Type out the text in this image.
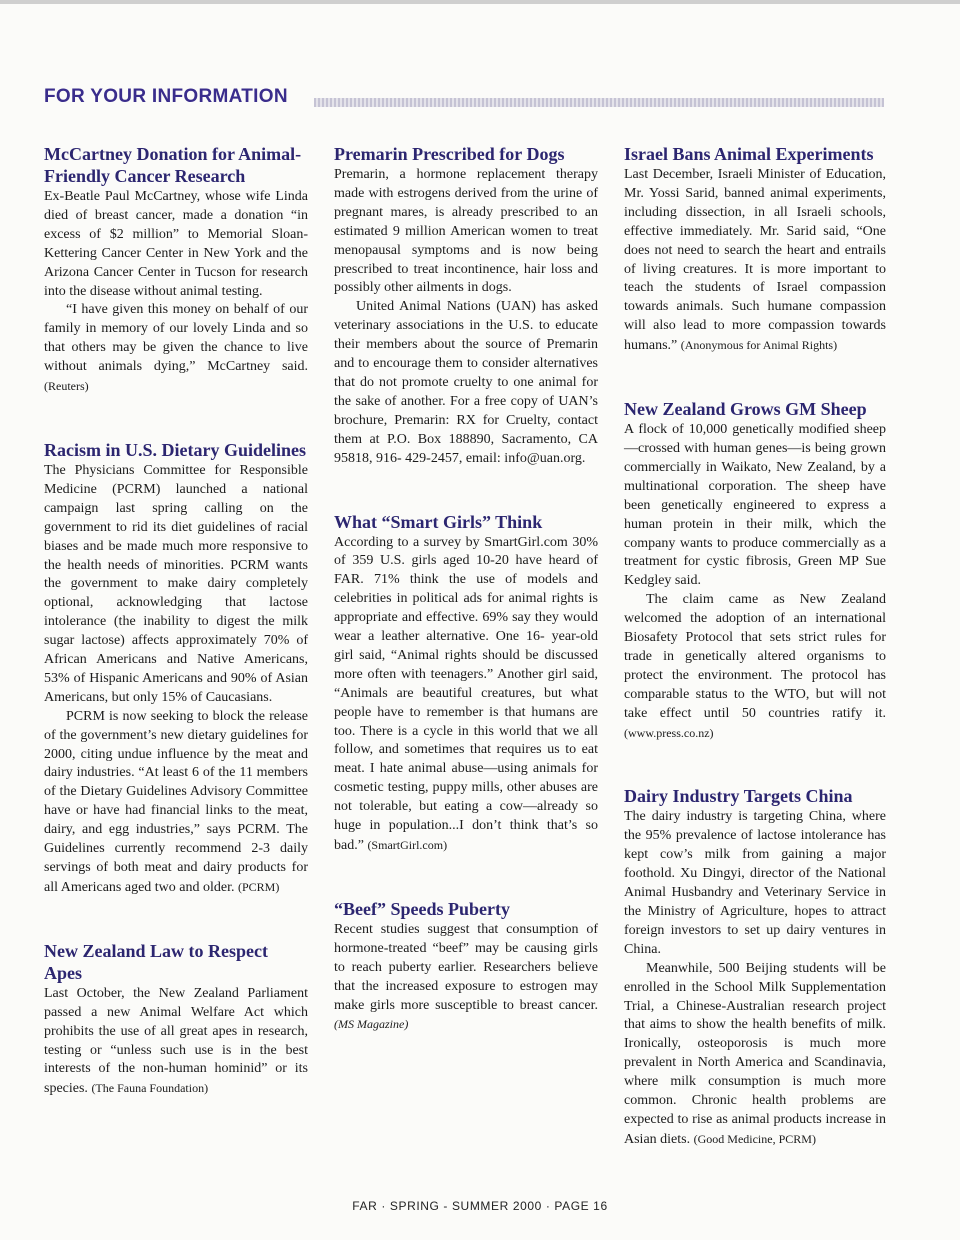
FOR YOUR INFORMATION
McCartney Donation for Animal-Friendly Cancer Research

Ex-Beatle Paul McCartney, whose wife Linda died of breast cancer, made a donation “in excess of $2 million” to Memorial Sloan-Kettering Cancer Center in New York and the Arizona Cancer Center in Tucson for research into the disease without animal testing.

“I have given this money on behalf of our family in memory of our lovely Linda and so that others may be given the chance to live without animals dying,” McCartney said. (Reuters)

Racism in U.S. Dietary Guidelines

The Physicians Committee for Responsible Medicine (PCRM) launched a national campaign last spring calling on the government to rid its diet guidelines of racial biases and be made much more responsive to the health needs of minorities. PCRM wants the government to make dairy completely optional, acknowledging that lactose intolerance (the inability to digest the milk sugar lactose) affects approximately 70% of African Americans and Native Americans, 53% of Hispanic Americans and 90% of Asian Americans, but only 15% of Caucasians.

PCRM is now seeking to block the release of the government’s new dietary guidelines for 2000, citing undue influence by the meat and dairy industries. “At least 6 of the 11 members of the Dietary Guidelines Advisory Committee have or have had financial links to the meat, dairy, and egg industries,” says PCRM. The Guidelines currently recommend 2-3 daily servings of both meat and dairy products for all Americans aged two and older. (PCRM)

New Zealand Law to Respect Apes

Last October, the New Zealand Parliament passed a new Animal Welfare Act which prohibits the use of all great apes in research, testing or “unless such use is in the best interests of the non-human hominid” or its species. (The Fauna Foundation)

Premarin Prescribed for Dogs

Premarin, a hormone replacement therapy made with estrogens derived from the urine of pregnant mares, is already prescribed to an estimated 9 million American women to treat menopausal symptoms and is now being prescribed to treat incontinence, hair loss and possibly other ailments in dogs.

United Animal Nations (UAN) has asked veterinary associations in the U.S. to educate their members about the source of Premarin and to encourage them to consider alternatives that do not promote cruelty to one animal for the sake of another. For a free copy of UAN’s brochure, Premarin: RX for Cruelty, contact them at P.O. Box 188890, Sacramento, CA 95818, 916- 429-2457, email: info@uan.org.

What “Smart Girls” Think

According to a survey by SmartGirl.com 30% of 359 U.S. girls aged 10-20 have heard of FAR. 71% think the use of models and celebrities in political ads for animal rights is appropriate and effective. 69% say they would wear a leather alternative. One 16- year-old girl said, “Animal rights should be discussed more often with teenagers.” Another girl said, “Animals are beautiful creatures, but what people have to remember is that humans are too. There is a cycle in this world that we all follow, and sometimes that requires us to eat meat. I hate animal abuse—using animals for cosmetic testing, puppy mills, other abuses are not tolerable, but eating a cow—already so huge in population...I don’t think that’s so bad.” (SmartGirl.com)

“Beef” Speeds Puberty

Recent studies suggest that consumption of hormone-treated “beef” may be causing girls to reach puberty earlier. Researchers believe that the increased exposure to estrogen may make girls more susceptible to breast cancer. (MS Magazine)

Israel Bans Animal Experiments

Last December, Israeli Minister of Education, Mr. Yossi Sarid, banned animal experiments, including dissection, in all Israeli schools, effective immediately. Mr. Sarid said, “One does not need to search the heart and entrails of living creatures. It is more important to teach the students of Israel compassion towards animals. Such humane compassion will also lead to more compassion towards humans.” (Anonymous for Animal Rights)

New Zealand Grows GM Sheep

A flock of 10,000 genetically modified sheep—crossed with human genes—is being grown commercially in Waikato, New Zealand, by a multinational corporation. The sheep have been genetically engineered to express a human protein in their milk, which the company wants to produce commercially as a treatment for cystic fibrosis, Green MP Sue Kedgley said.

The claim came as New Zealand welcomed the adoption of an international Biosafety Protocol that sets strict rules for trade in genetically altered organisms to protect the environment. The protocol has comparable status to the WTO, but will not take effect until 50 countries ratify it. (www.press.co.nz)

Dairy Industry Targets China

The dairy industry is targeting China, where the 95% prevalence of lactose intolerance has kept cow’s milk from gaining a major foothold. Xu Dingyi, director of the National Animal Husbandry and Veterinary Service in the Ministry of Agriculture, hopes to attract foreign investors to set up dairy ventures in China.

Meanwhile, 500 Beijing students will be enrolled in the School Milk Supplementation Trial, a Chinese-Australian research project that aims to show the health benefits of milk. Ironically, osteoporosis is much more prevalent in North America and Scandinavia, where milk consumption is much more common. Chronic health problems are expected to rise as animal products increase in Asian diets. (Good Medicine, PCRM)

FAR · SPRING - SUMMER 2000 · PAGE 16
